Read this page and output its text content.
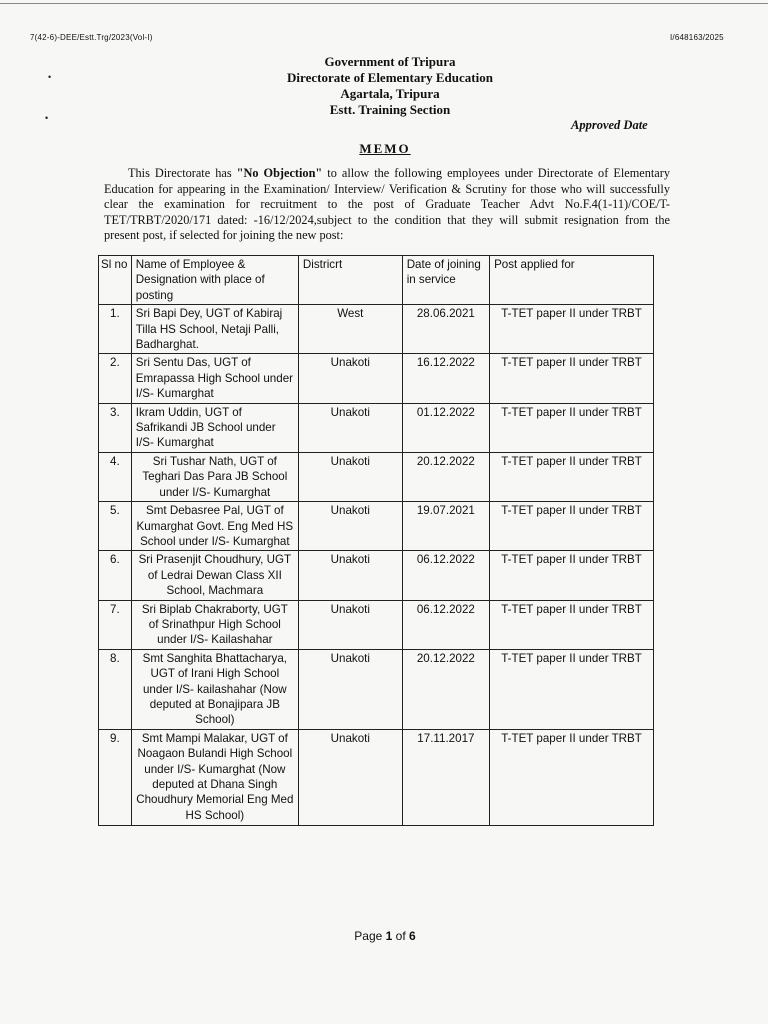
7(42-6)-DEE/Estt.Trg/2023(Vol-I)	I/648163/2025
•
•
Government of Tripura
Directorate of Elementary Education
Agartala, Tripura
Estt. Training Section
Approved Date
MEMO

This Directorate has "No Objection" to allow the following employees under Directorate of Elementary Education for appearing in the Examination/ Interview/ Verification & Scrutiny for those who will successfully clear the examination for recruitment to the post of Graduate Teacher Advt No.F.4(1-11)/COE/T-TET/TRBT/2020/171 dated: -16/12/2024,subject to the condition that they will submit resignation from the present post, if selected for joining the new post:

Sl no	Name of Employee & Designation with place of posting	Districrt	Date of joining in service	Post applied for
1.	Sri Bapi Dey, UGT of Kabiraj Tilla HS School, Netaji Palli, Badharghat.	West	28.06.2021	T-TET paper II under TRBT
2.	Sri Sentu Das, UGT of Emrapassa High School under I/S- Kumarghat	Unakoti	16.12.2022	T-TET paper II under TRBT
3.	Ikram Uddin, UGT of Safrikandi JB School under I/S- Kumarghat	Unakoti	01.12.2022	T-TET paper II under TRBT
4.	Sri Tushar Nath, UGT of Teghari Das Para JB School under I/S- Kumarghat	Unakoti	20.12.2022	T-TET paper II under TRBT
5.	Smt Debasree Pal, UGT of Kumarghat Govt. Eng Med HS School under I/S- Kumarghat	Unakoti	19.07.2021	T-TET paper II under TRBT
6.	Sri Prasenjit Choudhury, UGT of Ledrai Dewan Class XII School, Machmara	Unakoti	06.12.2022	T-TET paper II under TRBT
7.	Sri Biplab Chakraborty, UGT of Srinathpur High School under I/S- Kailashahar	Unakoti	06.12.2022	T-TET paper II under TRBT
8.	Smt Sanghita Bhattacharya, UGT of Irani High School under I/S- kailashahar (Now deputed at Bonajipara JB School)	Unakoti	20.12.2022	T-TET paper II under TRBT
9.	Smt Mampi Malakar, UGT of Noagaon Bulandi High School under I/S- Kumarghat (Now deputed at Dhana Singh Choudhury Memorial Eng Med HS School)	Unakoti	17.11.2017	T-TET paper II under TRBT
Page 1 of 6
